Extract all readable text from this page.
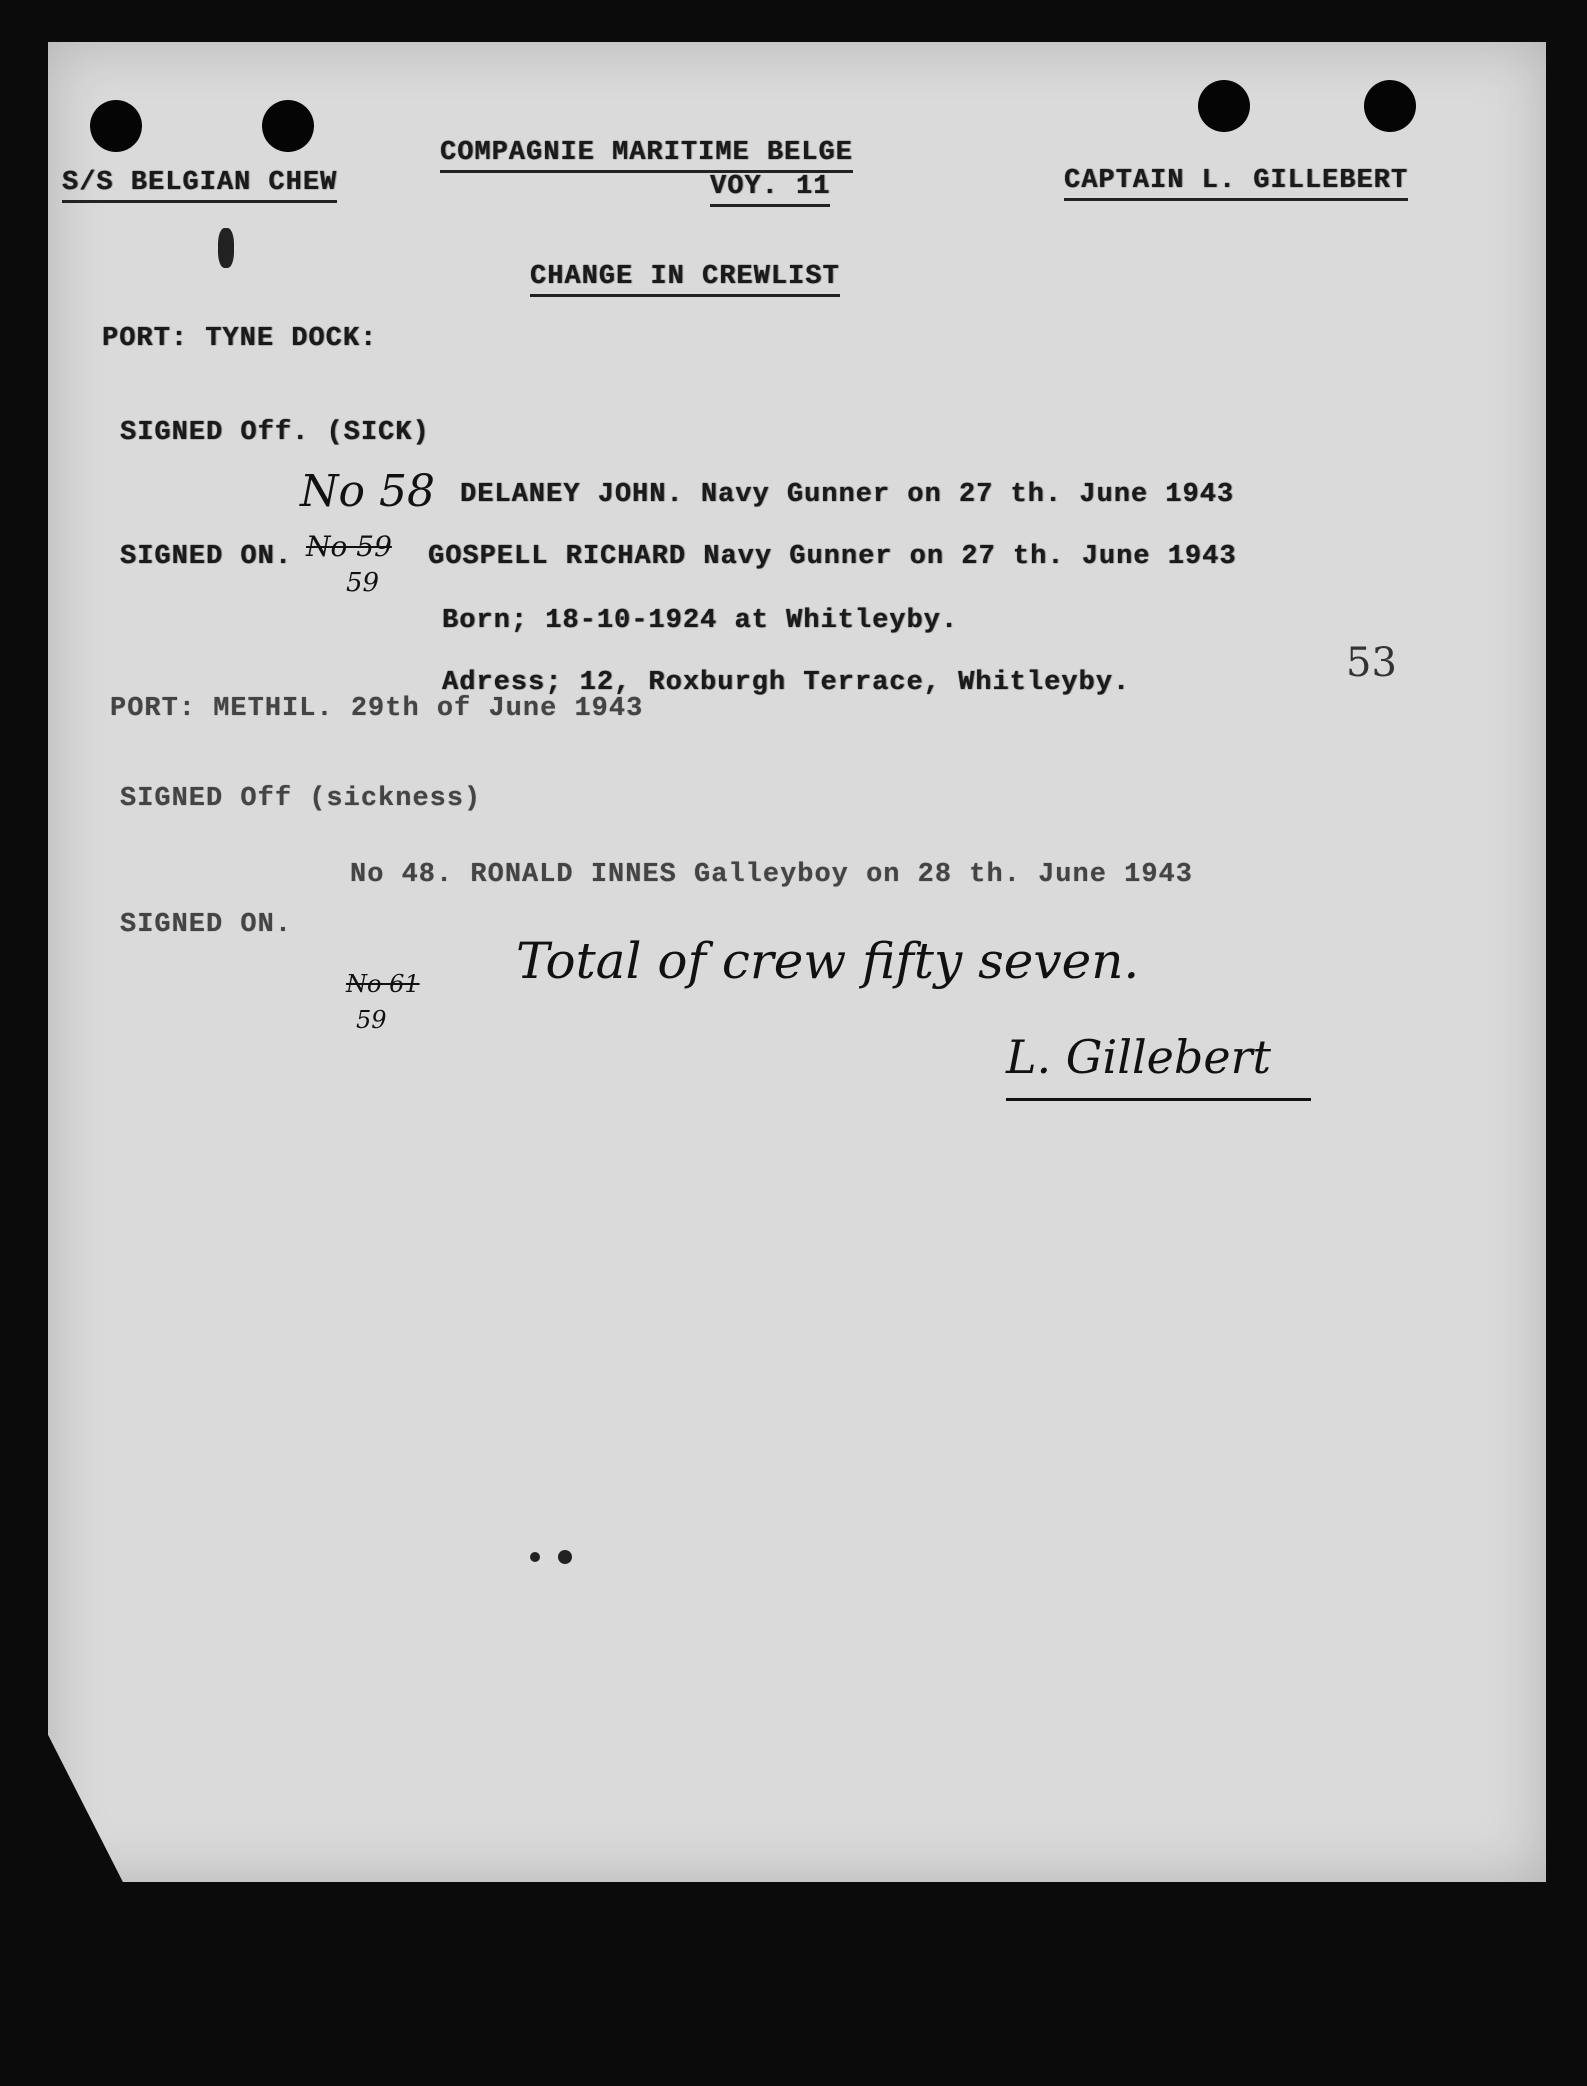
S/S BELGIAN CHEW
COMPAGNIE MARITIME BELGE
VOY. 11	CAPTAIN L. GILLEBERT
CHANGE IN CREWLIST
PORT: TYNE DOCK:
SIGNED Off. (SICK)
No 58 DELANEY JOHN. Navy Gunner on 27 th. June 1943
SIGNED ON. No 59
59
GOSPELL RICHARD Navy Gunner on 27 th. June 1943
Born; 18-10-1924 at Whitleyby.
Adress; 12, Roxburgh Terrace, Whitleyby.	53
PORT: METHIL. 29th of June 1943
SIGNED Off (sickness)
No 48. RONALD INNES Galleyboy on 28 th. June 1943
SIGNED ON.
No 61
59
Total of crew fifty seven.
L. Gillebert
